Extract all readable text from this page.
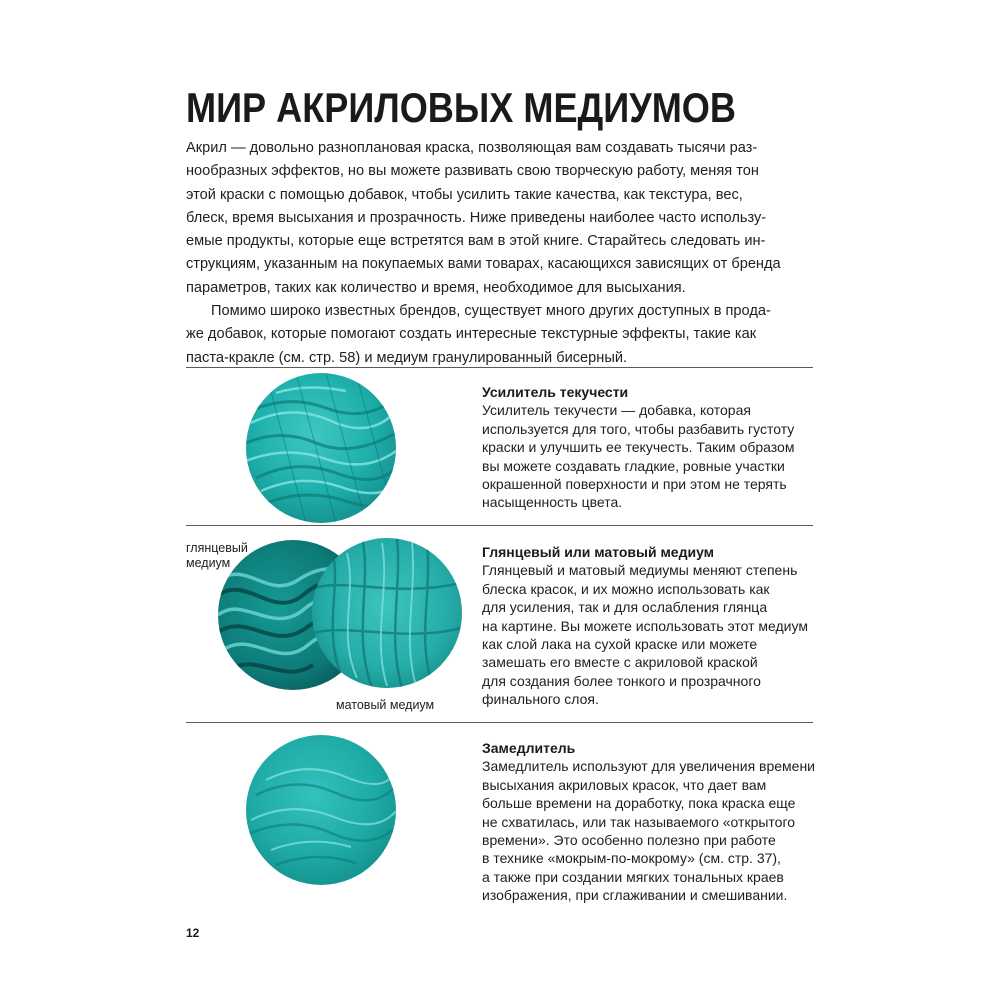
МИР АКРИЛОВЫХ МЕДИУМОВ

Акрил — довольно разноплановая краска, позволяющая вам создавать тысячи раз-

нообразных эффектов, но вы можете развивать свою творческую работу, меняя тон

этой краски с помощью добавок, чтобы усилить такие качества, как текстура, вес,

блеск, время высыхания и прозрачность. Ниже приведены наиболее часто использу-

емые продукты, которые еще встретятся вам в этой книге. Старайтесь следовать ин-

струкциям, указанным на покупаемых вами товарах, касающихся зависящих от бренда

параметров, таких как количество и время, необходимое для высыхания.

Помимо широко известных брендов, существует много других доступных в прода-

же добавок, которые помогают создать интересные текстурные эффекты, такие как

паста-кракле (см. стр. 58) и медиум гранулированный бисерный.

Усилитель текучести

Усилитель текучести — добавка, которая

используется для того, чтобы разбавить густоту

краски и улучшить ее текучесть. Таким образом

вы можете создавать гладкие, ровные участки

окрашенной поверхности и при этом не терять

насыщенность цвета.

глянцевый
медиум
матовый медиум

Глянцевый или матовый медиум

Глянцевый и матовый медиумы меняют степень

блеска красок, и их можно использовать как

для усиления, так и для ослабления глянца

на картине. Вы можете использовать этот медиум

как слой лака на сухой краске или можете

замешать его вместе с акриловой краской

для создания более тонкого и прозрачного

финального слоя.

Замедлитель

Замедлитель используют для увеличения времени

высыхания акриловых красок, что дает вам

больше времени на доработку, пока краска еще

не схватилась, или так называемого «открытого

времени». Это особенно полезно при работе

в технике «мокрым-по-мокрому» (см. стр. 37),

а также при создании мягких тональных краев

изображения, при сглаживании и смешивании.

12
